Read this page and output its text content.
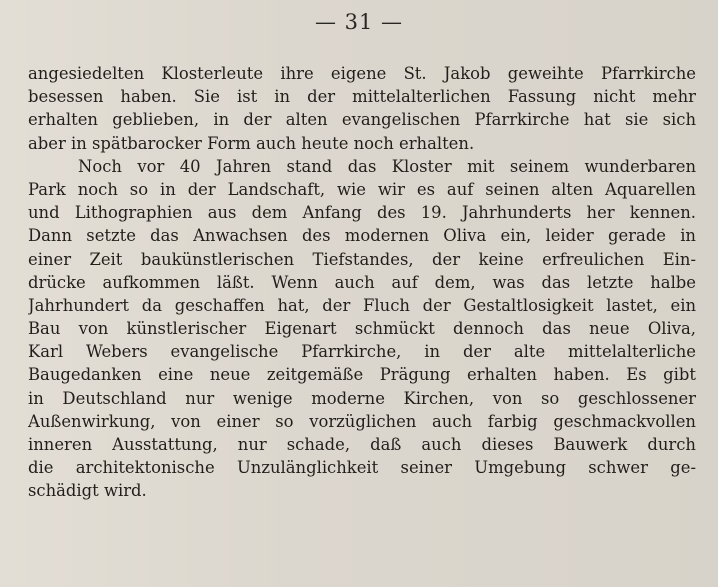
— 31 —
angesiedelten Klosterleute ihre eigene St. Jakob geweihte Pfarrkirche
besessen haben. Sie ist in der mittelalterlichen Fassung nicht mehr
erhalten geblieben, in der alten evangelischen Pfarrkirche hat sie sich
aber in spätbarocker Form auch heute noch erhalten.
Noch vor 40 Jahren stand das Kloster mit seinem wunderbaren
Park noch so in der Landschaft, wie wir es auf seinen alten Aquarellen
und Lithographien aus dem Anfang des 19. Jahrhunderts her kennen.
Dann setzte das Anwachsen des modernen Oliva ein, leider gerade in
einer Zeit baukünstlerischen Tiefstandes, der keine erfreulichen Ein-
drücke aufkommen läßt. Wenn auch auf dem, was das letzte halbe
Jahrhundert da geschaffen hat, der Fluch der Gestaltlosigkeit lastet, ein
Bau von künstlerischer Eigenart schmückt dennoch das neue Oliva,
Karl Webers evangelische Pfarrkirche, in der alte mittelalterliche
Baugedanken eine neue zeitgemäße Prägung erhalten haben. Es gibt
in Deutschland nur wenige moderne Kirchen, von so geschlossener
Außenwirkung, von einer so vorzüglichen auch farbig geschmackvollen
inneren Ausstattung, nur schade, daß auch dieses Bauwerk durch
die architektonische Unzulänglichkeit seiner Umgebung schwer ge-
schädigt wird.
